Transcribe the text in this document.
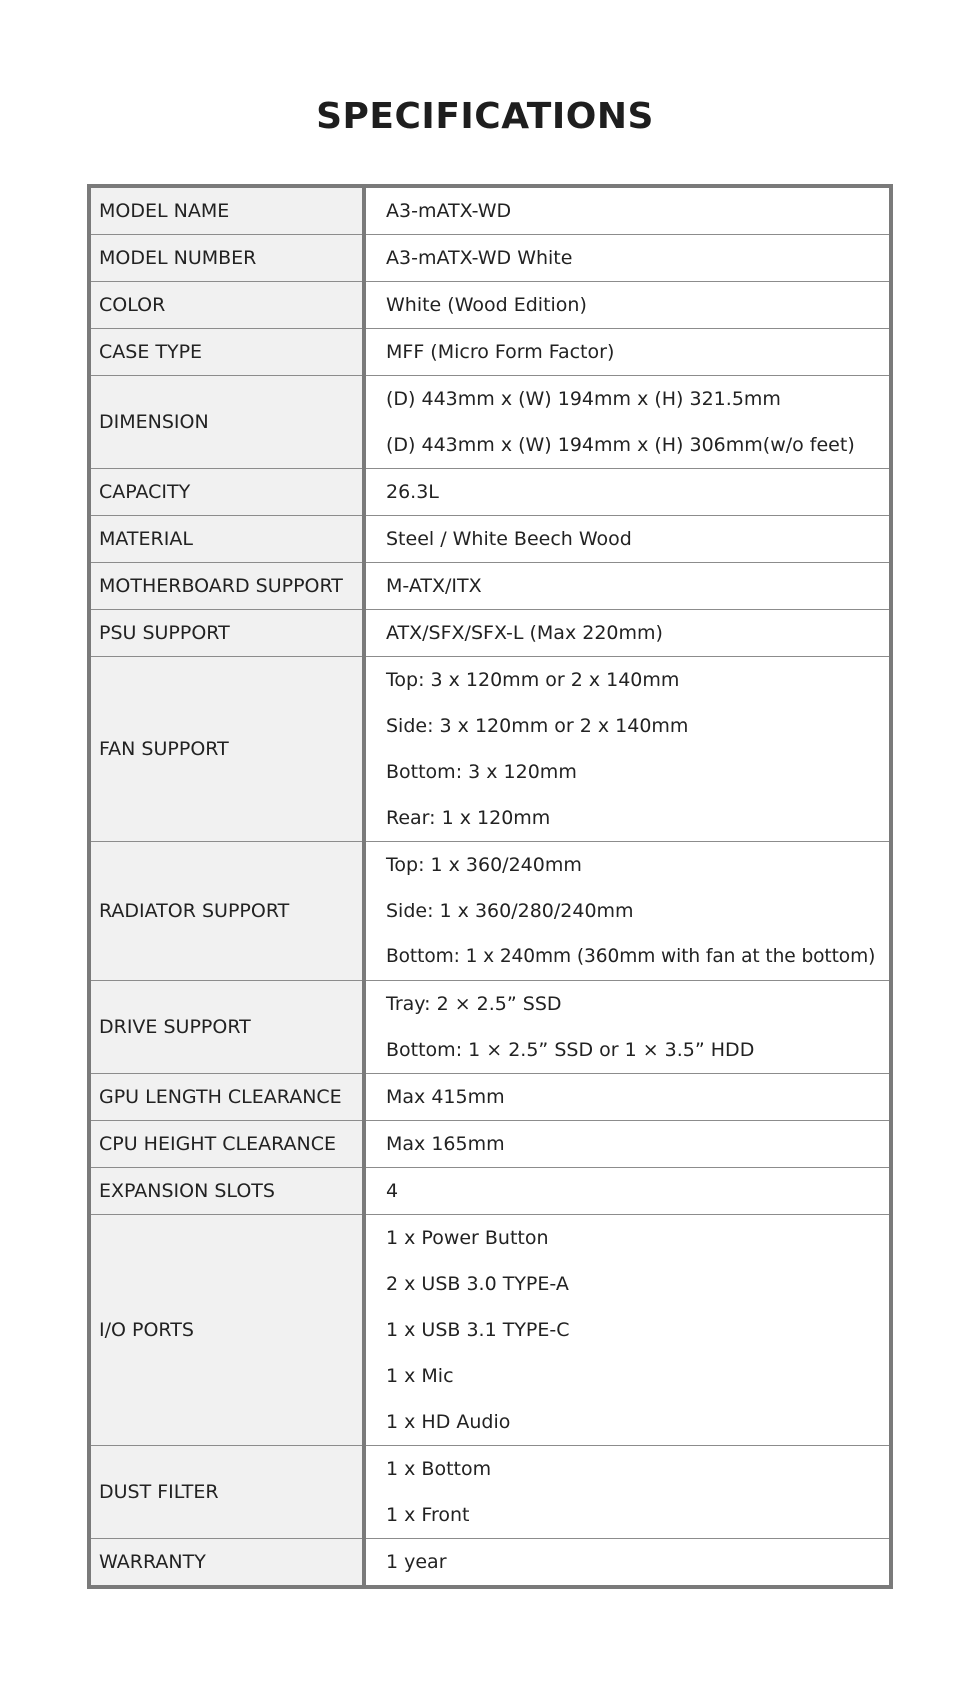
SPECIFICATIONS
MODEL NAME	A3-mATX-WD

MODEL NUMBER	A3-mATX-WD White

COLOR	White (Wood Edition)

CASE TYPE	MFF (Micro Form Factor)

DIMENSION	(D) 443mm x (W) 194mm x (H) 321.5mm
(D) 443mm x (W) 194mm x (H) 306mm(w/o feet)

CAPACITY	26.3L

MATERIAL	Steel / White Beech Wood

MOTHERBOARD SUPPORT	M-ATX/ITX

PSU SUPPORT	ATX/SFX/SFX-L (Max 220mm)

FAN SUPPORT	Top: 3 x 120mm or 2 x 140mm
Side: 3 x 120mm or 2 x 140mm
Bottom: 3 x 120mm
Rear: 1 x 120mm

RADIATOR SUPPORT	Top: 1 x 360/240mm
Side: 1 x 360/280/240mm
Bottom: 1 x 240mm (360mm with fan at the bottom)

DRIVE SUPPORT	Tray: 2 × 2.5” SSD
Bottom: 1 × 2.5” SSD or 1 × 3.5” HDD

GPU LENGTH CLEARANCE	Max 415mm

CPU HEIGHT CLEARANCE	Max 165mm

EXPANSION SLOTS	4

I/O PORTS	1 x Power Button
2 x USB 3.0 TYPE-A
1 x USB 3.1 TYPE-C
1 x Mic
1 x HD Audio

DUST FILTER	1 x Bottom
1 x Front

WARRANTY	1 year
